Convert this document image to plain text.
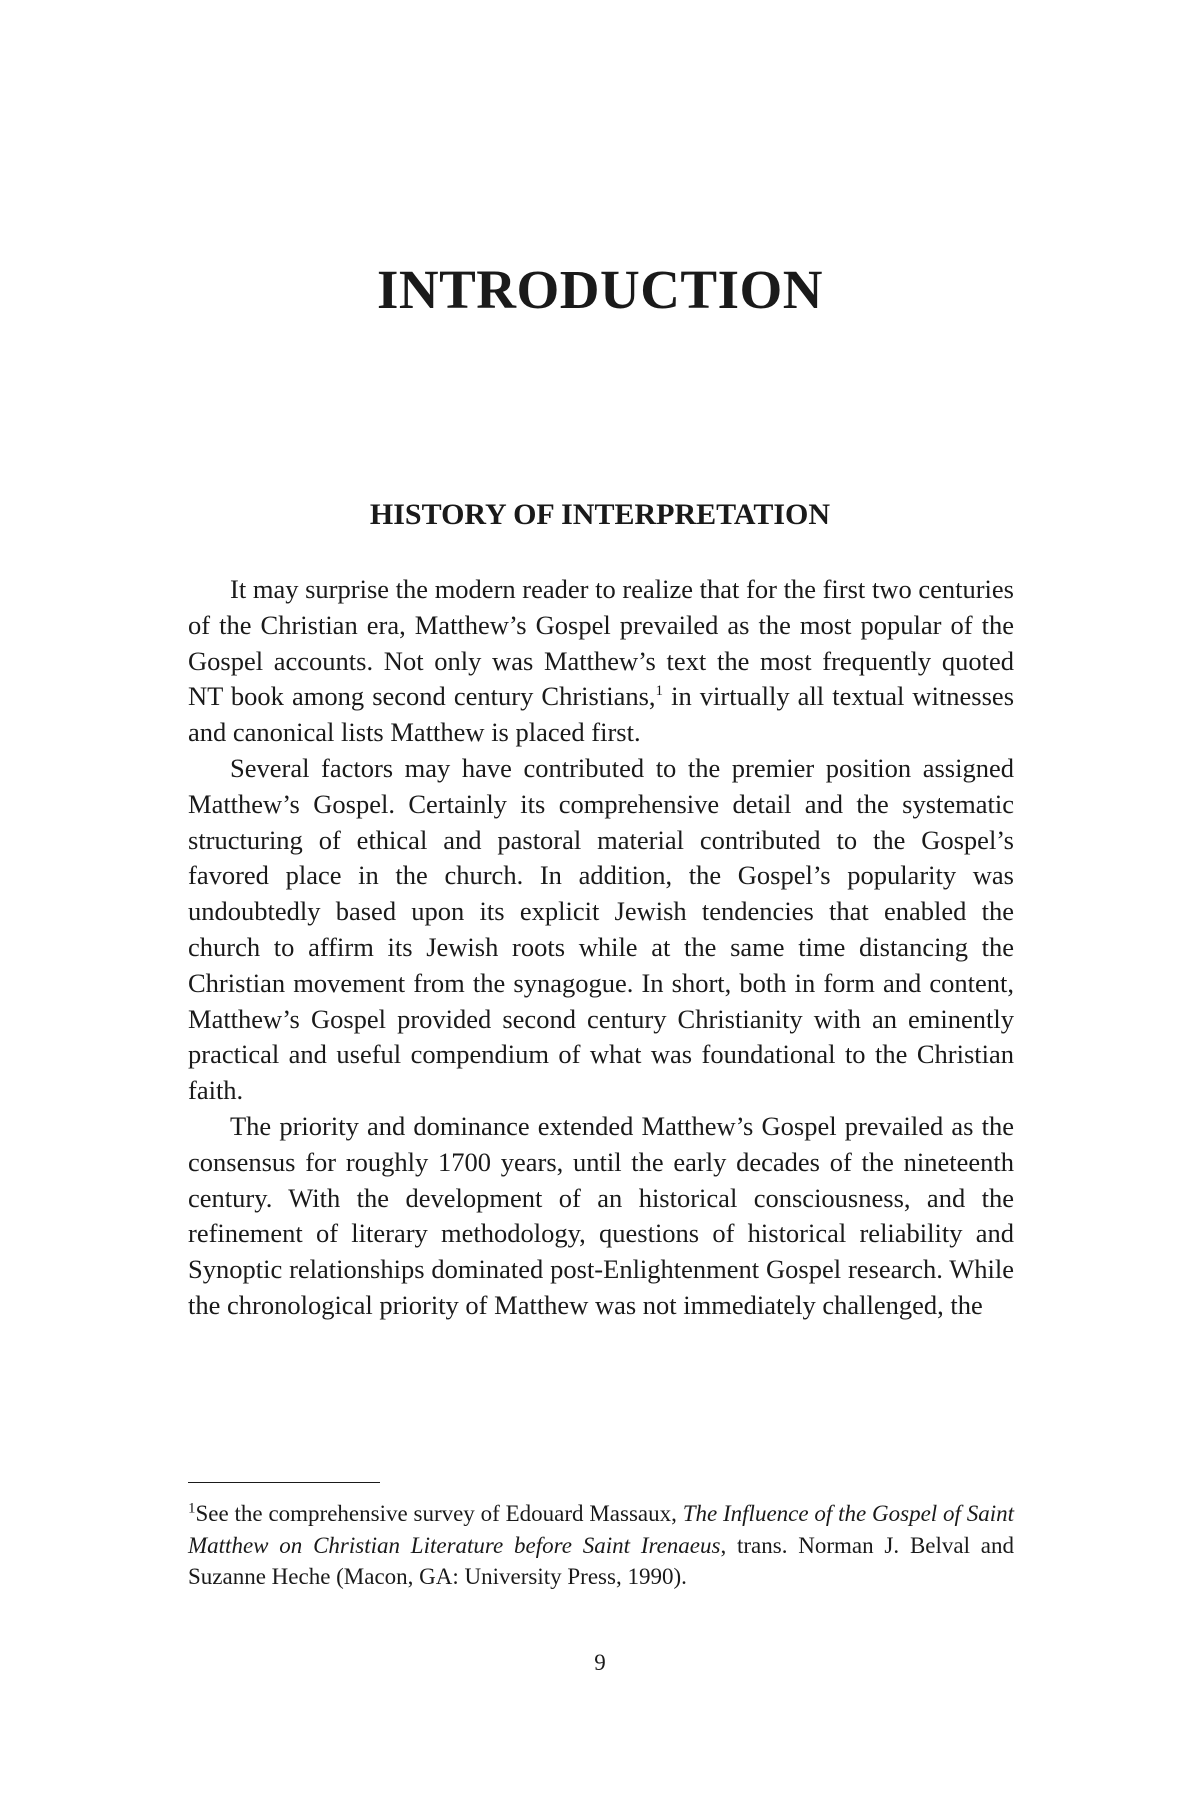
INTRODUCTION
HISTORY OF INTERPRETATION

It may surprise the modern reader to realize that for the first two centuries of the Christian era, Matthew’s Gospel prevailed as the most popular of the Gospel accounts. Not only was Matthew’s text the most frequently quoted NT book among second century Christians,$^1$ in virtually all textual witnesses and canonical lists Matthew is placed first.

Several factors may have contributed to the premier position assigned Matthew’s Gospel. Certainly its comprehensive detail and the systematic structuring of ethical and pastoral material contributed to the Gospel’s favored place in the church. In addition, the Gospel’s popularity was undoubtedly based upon its explicit Jewish tendencies that enabled the church to affirm its Jewish roots while at the same time distancing the Christian movement from the synagogue. In short, both in form and content, Matthew’s Gospel provided second century Christianity with an eminently practical and useful compendium of what was foundational to the Christian faith.

The priority and dominance extended Matthew’s Gospel prevailed as the consensus for roughly 1700 years, until the early decades of the nineteenth century. With the development of an historical consciousness, and the refinement of literary methodology, questions of historical reliability and Synoptic relationships dominated post-Enlightenment Gospel research. While the chronological priority of Matthew was not immediately challenged, the

$^1$See the comprehensive survey of Edouard Massaux, The Influence of the Gospel of Saint Matthew on Christian Literature before Saint Irenaeus, trans. Norman J. Belval and Suzanne Heche (Macon, GA: University Press, 1990).

9
